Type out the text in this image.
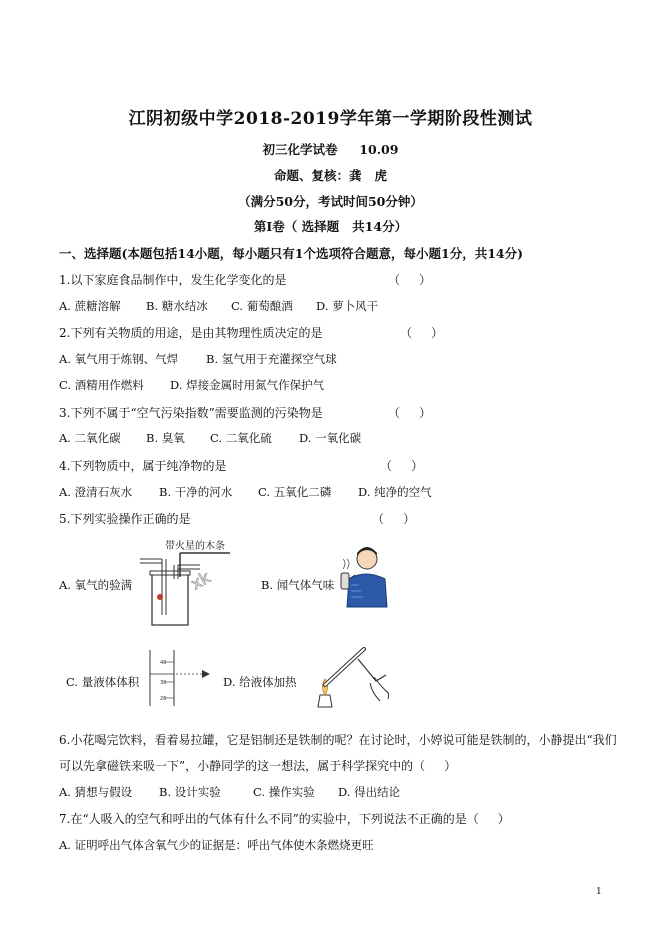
江阴初级中学2018-2019学年第一学期阶段性测试
初三化学试卷     10.09
命题、复核：龚   虎
（满分50分，考试时间50分钟）
第Ⅰ卷（ 选择题   共14分）
一、选择题(本题包括14小题，每小题只有1个选项符合题意，每小题1分，共14分)
1.以下家庭食品制作中，发生化学变化的是	（     ）
A. 蔗糖溶解 B. 糖水结冰 C. 葡萄酿酒 D. 萝卜风干
2.下列有关物质的用途，是由其物理性质决定的是	（     ）
A. 氧气用于炼钢、气焊 B. 氢气用于充灌探空气球
C. 酒精用作燃料 D. 焊接金属时用氮气作保护气
3.下列不属于“空气污染指数”需要监测的污染物是	（     ）
A. 二氧化碳 B. 臭氧 C. 二氧化硫 D. 一氧化碳
4.下列物质中，属于纯净物的是	（     ）
A. 澄清石灰水 B. 干净的河水 C. 五氧化二磷 D. 纯净的空气
5.下列实验操作正确的是	（     ）
A. 氧气的验满	B. 闻气体气味
C. 量液体体积	D. 给液体加热
带火星的木条
xk
40
30
20
6.小花喝完饮料，看着易拉罐，它是铝制还是铁制的呢？在讨论时，小婷说可能是铁制的，小静提出“我们
可以先拿磁铁来吸一下”，小静同学的这一想法，属于科学探究中的（     ）
A. 猜想与假设 B. 设计实验	C. 操作实验 D. 得出结论
7.在“人吸入的空气和呼出的气体有什么不同”的实验中，下列说法不正确的是（     ）
A. 证明呼出气体含氧气少的证据是：呼出气体使木条燃烧更旺
1
